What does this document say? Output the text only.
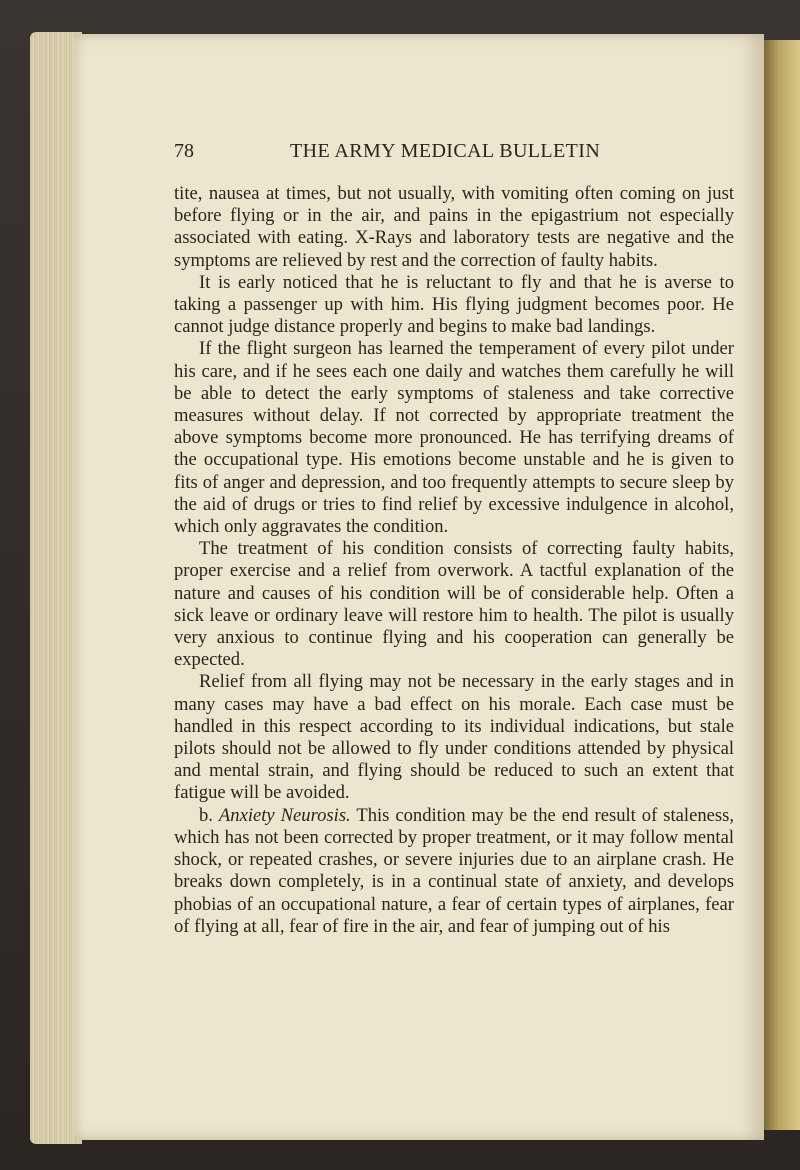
78	THE ARMY MEDICAL BULLETIN

tite, nausea at times, but not usually, with vomiting often coming on just before flying or in the air, and pains in the epigastrium not especially associated with eating. X-Rays and laboratory tests are negative and the symptoms are relieved by rest and the correction of faulty habits.

It is early noticed that he is reluctant to fly and that he is averse to taking a passenger up with him. His flying judgment becomes poor. He cannot judge distance properly and begins to make bad landings.

If the flight surgeon has learned the temperament of every pilot under his care, and if he sees each one daily and watches them carefully he will be able to detect the early symptoms of staleness and take corrective measures without delay. If not corrected by appropriate treatment the above symptoms become more pronounced. He has terrifying dreams of the occupational type. His emotions become unstable and he is given to fits of anger and depression, and too frequently attempts to secure sleep by the aid of drugs or tries to find relief by excessive indulgence in alcohol, which only aggravates the condition.

The treatment of his condition consists of correcting faulty habits, proper exercise and a relief from overwork. A tactful explanation of the nature and causes of his condition will be of considerable help. Often a sick leave or ordinary leave will restore him to health. The pilot is usually very anxious to continue flying and his cooperation can generally be expected.

Relief from all flying may not be necessary in the early stages and in many cases may have a bad effect on his morale. Each case must be handled in this respect according to its individual indications, but stale pilots should not be allowed to fly under conditions attended by physical and mental strain, and flying should be reduced to such an extent that fatigue will be avoided.

b. Anxiety Neurosis. This condition may be the end result of staleness, which has not been corrected by proper treatment, or it may follow mental shock, or repeated crashes, or severe injuries due to an airplane crash. He breaks down completely, is in a continual state of anxiety, and develops phobias of an occupational nature, a fear of certain types of airplanes, fear of flying at all, fear of fire in the air, and fear of jumping out of his
